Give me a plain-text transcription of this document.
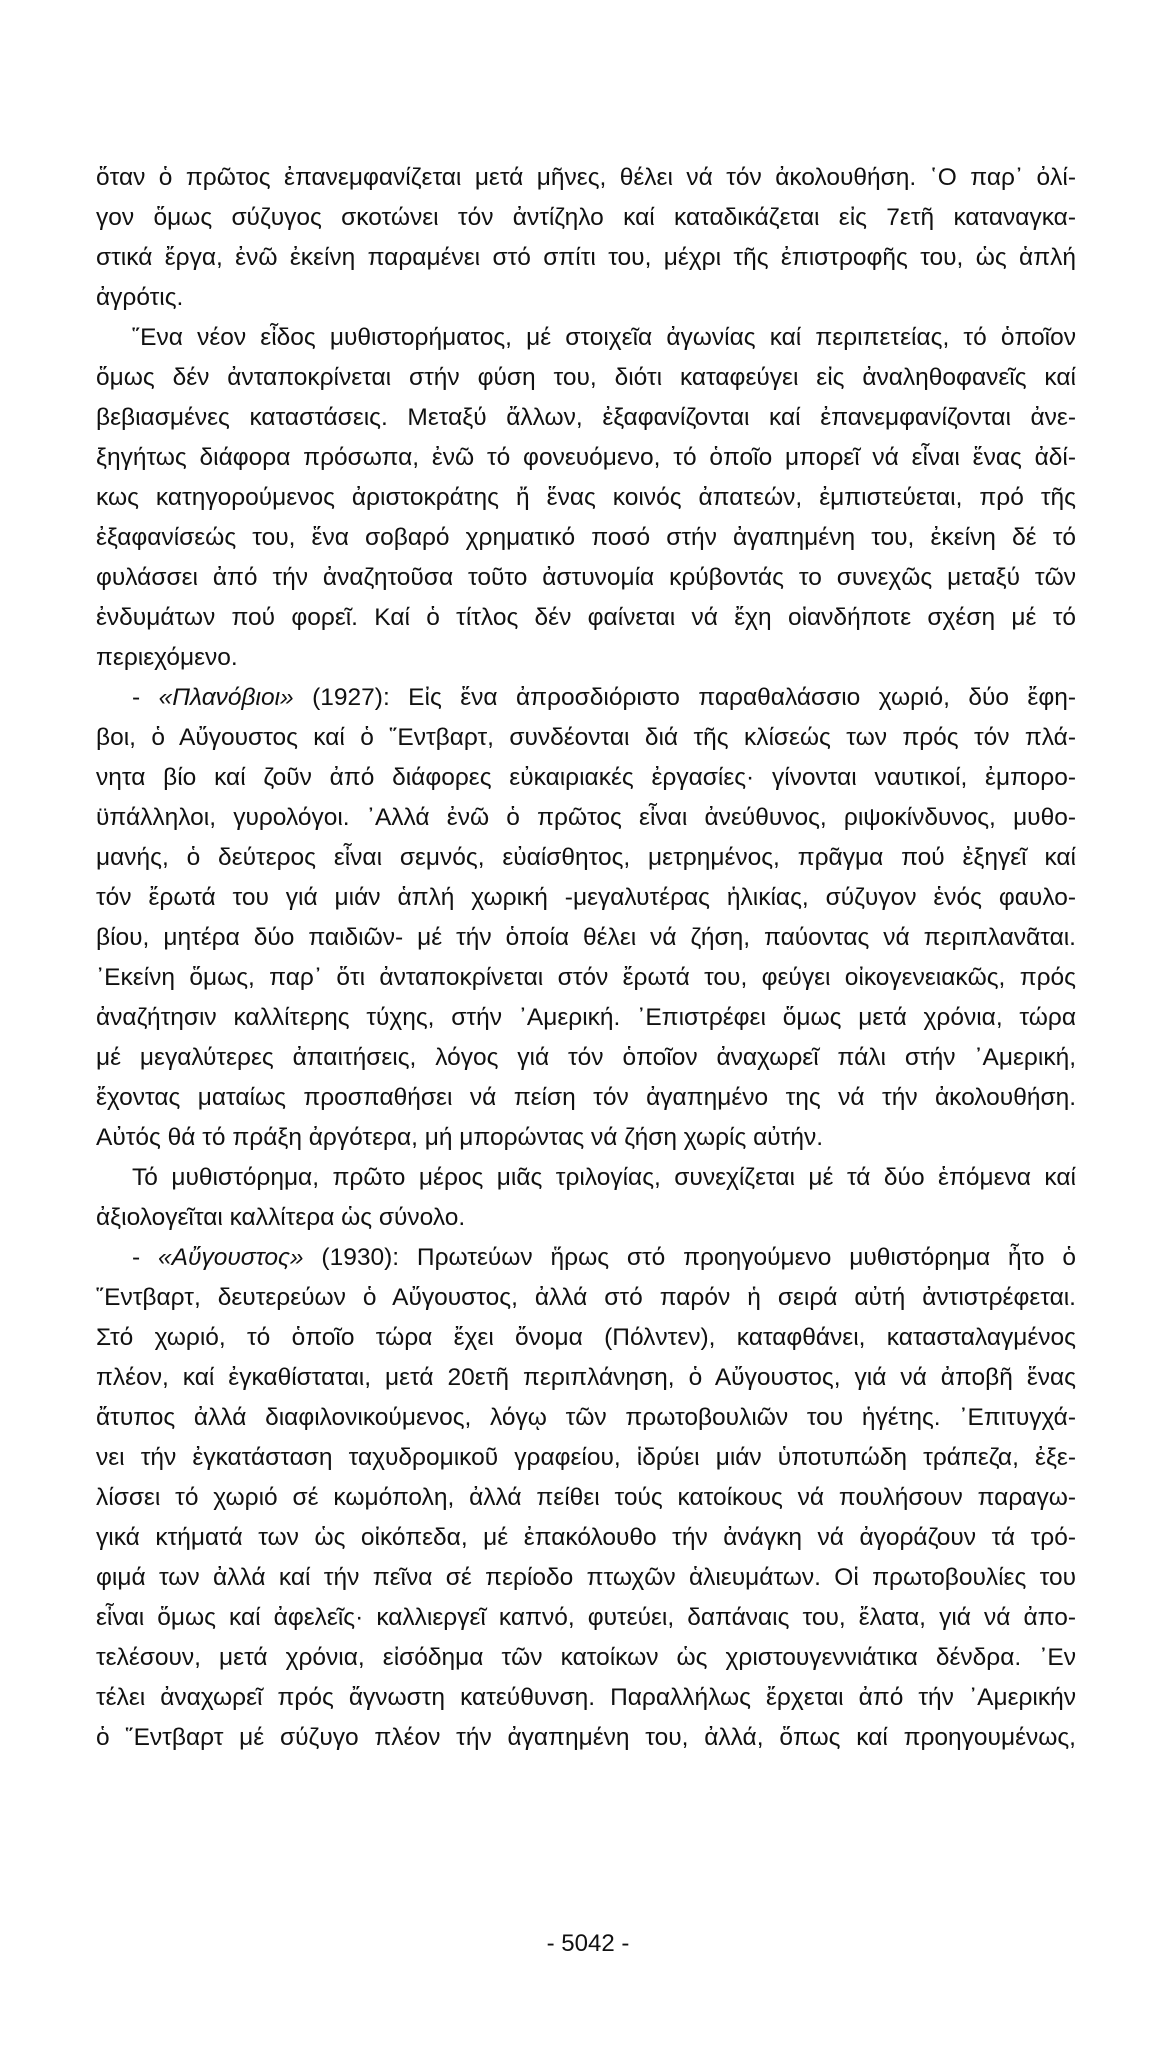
ὅταν ὁ πρῶτος ἐπανεμφανίζεται μετά μῆνες, θέλει νά τόν ἀκολουθήση. ῾Ο παρ᾿ ὀλί-
γον ὅμως σύζυγος σκοτώνει τόν ἀντίζηλο καί καταδικάζεται εἰς 7ετῆ καταναγκα-
στικά ἔργα, ἐνῶ ἐκείνη παραμένει στό σπίτι του, μέχρι τῆς ἐπιστροφῆς του, ὡς ἁπλή
ἀγρότις.
῞Ενα νέον εἶδος μυθιστορήματος, μέ στοιχεῖα ἀγωνίας καί περιπετείας, τό ὁποῖον
ὅμως δέν ἀνταποκρίνεται στήν φύση του, διότι καταφεύγει εἰς ἀναληθοφανεῖς καί
βεβιασμένες καταστάσεις. Μεταξύ ἄλλων, ἐξαφανίζονται καί ἐπανεμφανίζονται ἀνε-
ξηγήτως διάφορα πρόσωπα, ἐνῶ τό φονευόμενο, τό ὁποῖο μπορεῖ νά εἶναι ἕνας ἀδί-
κως κατηγορούμενος ἀριστοκράτης ἤ ἕνας κοινός ἀπατεών, ἐμπιστεύεται, πρό τῆς
ἐξαφανίσεώς του, ἕνα σοβαρό χρηματικό ποσό στήν ἀγαπημένη του, ἐκείνη δέ τό
φυλάσσει ἀπό τήν ἀναζητοῦσα τοῦτο ἀστυνομία κρύβοντάς το συνεχῶς μεταξύ τῶν
ἐνδυμάτων πού φορεῖ. Καί ὁ τίτλος δέν φαίνεται νά ἔχη οἱανδήποτε σχέση μέ τό
περιεχόμενο.
- «Πλανόβιοι» (1927): Εἰς ἕνα ἀπροσδιόριστο παραθαλάσσιο χωριό, δύο ἔφη-
βοι, ὁ Αὔγουστος καί ὁ ῞Εντβαρτ, συνδέονται διά τῆς κλίσεώς των πρός τόν πλά-
νητα βίο καί ζοῦν ἀπό διάφορες εὐκαιριακές ἐργασίες· γίνονται ναυτικοί, ἐμπορο-
ϋπάλληλοι, γυρολόγοι. ᾿Αλλά ἐνῶ ὁ πρῶτος εἶναι ἀνεύθυνος, ριψοκίνδυνος, μυθο-
μανής, ὁ δεύτερος εἶναι σεμνός, εὐαίσθητος, μετρημένος, πρᾶγμα πού ἐξηγεῖ καί
τόν ἔρωτά του γιά μιάν ἁπλή χωρική -μεγαλυτέρας ἡλικίας, σύζυγον ἑνός φαυλο-
βίου, μητέρα δύο παιδιῶν- μέ τήν ὁποία θέλει νά ζήση, παύοντας νά περιπλανᾶται.
᾿Εκείνη ὅμως, παρ᾿ ὅτι ἀνταποκρίνεται στόν ἔρωτά του, φεύγει οἰκογενειακῶς, πρός
ἀναζήτησιν καλλίτερης τύχης, στήν ᾿Αμερική. ᾿Επιστρέφει ὅμως μετά χρόνια, τώρα
μέ μεγαλύτερες ἀπαιτήσεις, λόγος γιά τόν ὁποῖον ἀναχωρεῖ πάλι στήν ᾿Αμερική,
ἔχοντας ματαίως προσπαθήσει νά πείση τόν ἀγαπημένο της νά τήν ἀκολουθήση.
Αὐτός θά τό πράξη ἀργότερα, μή μπορώντας νά ζήση χωρίς αὐτήν.
Τό μυθιστόρημα, πρῶτο μέρος μιᾶς τριλογίας, συνεχίζεται μέ τά δύο ἑπόμενα καί
ἀξιολογεῖται καλλίτερα ὡς σύνολο.
- «Αὔγουστος» (1930): Πρωτεύων ἥρως στό προηγούμενο μυθιστόρημα ἦτο ὁ
῞Εντβαρτ, δευτερεύων ὁ Αὔγουστος, ἀλλά στό παρόν ἡ σειρά αὐτή ἀντιστρέφεται.
Στό χωριό, τό ὁποῖο τώρα ἔχει ὄνομα (Πόλντεν), καταφθάνει, κατασταλαγμένος
πλέον, καί ἐγκαθίσταται, μετά 20ετῆ περιπλάνηση, ὁ Αὔγουστος, γιά νά ἀποβῆ ἕνας
ἄτυπος ἀλλά διαφιλονικούμενος, λόγῳ τῶν πρωτοβουλιῶν του ἡγέτης. ᾿Επιτυγχά-
νει τήν ἐγκατάσταση ταχυδρομικοῦ γραφείου, ἱδρύει μιάν ὑποτυπώδη τράπεζα, ἐξε-
λίσσει τό χωριό σέ κωμόπολη, ἀλλά πείθει τούς κατοίκους νά πουλήσουν παραγω-
γικά κτήματά των ὡς οἰκόπεδα, μέ ἐπακόλουθο τήν ἀνάγκη νά ἀγοράζουν τά τρό-
φιμά των ἀλλά καί τήν πεῖνα σέ περίοδο πτωχῶν ἁλιευμάτων. Οἱ πρωτοβουλίες του
εἶναι ὅμως καί ἀφελεῖς· καλλιεργεῖ καπνό, φυτεύει, δαπάναις του, ἔλατα, γιά νά ἀπο-
τελέσουν, μετά χρόνια, εἰσόδημα τῶν κατοίκων ὡς χριστουγεννιάτικα δένδρα. ᾿Εν
τέλει ἀναχωρεῖ πρός ἄγνωστη κατεύθυνση. Παραλλήλως ἔρχεται ἀπό τήν ᾿Αμερικήν
ὁ ῞Εντβαρτ μέ σύζυγο πλέον τήν ἀγαπημένη του, ἀλλά, ὅπως καί προηγουμένως,
- 5042 -
